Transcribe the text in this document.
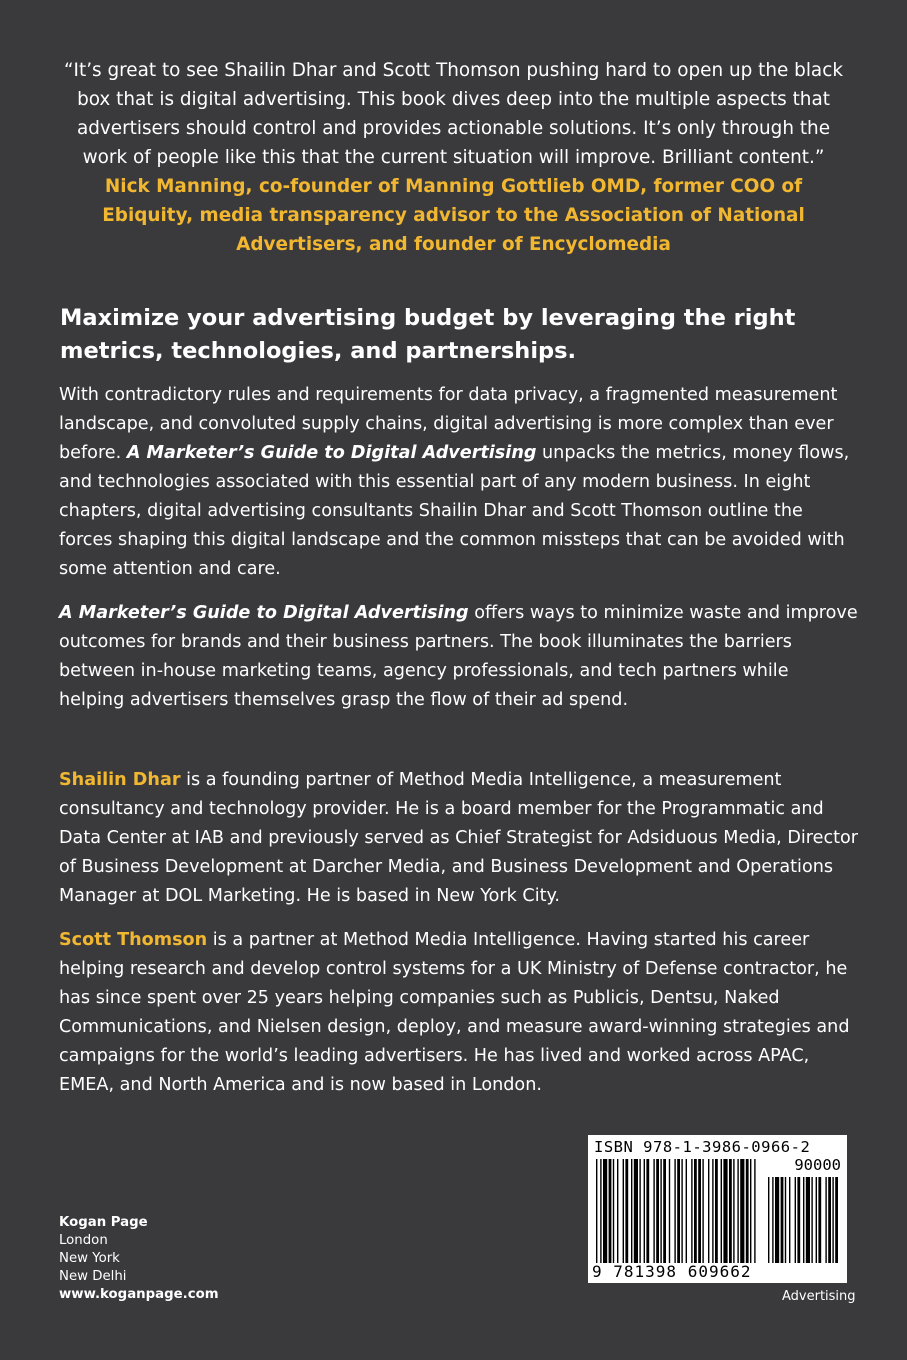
“It’s great to see Shailin Dhar and Scott Thomson pushing hard to open up the black box that is digital advertising. This book dives deep into the multiple aspects that advertisers should control and provides actionable solutions. It’s only through the work of people like this that the current situation will improve. Brilliant content.”
Nick Manning, co-founder of Manning Gottlieb OMD, former COO of Ebiquity, media transparency advisor to the Association of National Advertisers, and founder of Encyclomedia
Maximize your advertising budget by leveraging the right metrics, technologies, and partnerships.

With contradictory rules and requirements for data privacy, a fragmented measurement landscape, and convoluted supply chains, digital advertising is more complex than ever before. A Marketer’s Guide to Digital Advertising unpacks the metrics, money flows, and technologies associated with this essential part of any modern business. In eight chapters, digital advertising consultants Shailin Dhar and Scott Thomson outline the forces shaping this digital landscape and the common missteps that can be avoided with some attention and care.

A Marketer’s Guide to Digital Advertising offers ways to minimize waste and improve outcomes for brands and their business partners. The book illuminates the barriers between in-house marketing teams, agency professionals, and tech partners while helping advertisers themselves grasp the flow of their ad spend.

Shailin Dhar is a founding partner of Method Media Intelligence, a measurement consultancy and technology provider. He is a board member for the Programmatic and Data Center at IAB and previously served as Chief Strategist for Adsiduous Media, Director of Business Development at Darcher Media, and Business Development and Operations Manager at DOL Marketing. He is based in New York City.

Scott Thomson is a partner at Method Media Intelligence. Having started his career helping research and develop control systems for a UK Ministry of Defense contractor, he has since spent over 25 years helping companies such as Publicis, Dentsu, Naked Communications, and Nielsen design, deploy, and measure award-winning strategies and campaigns for the world’s leading advertisers. He has lived and worked across APAC, EMEA, and North America and is now based in London.

Kogan Page
London
New York
New Delhi
www.koganpage.com
ISBN 978-1-3986-0966-2
90000
9 781398 609662
Advertising
